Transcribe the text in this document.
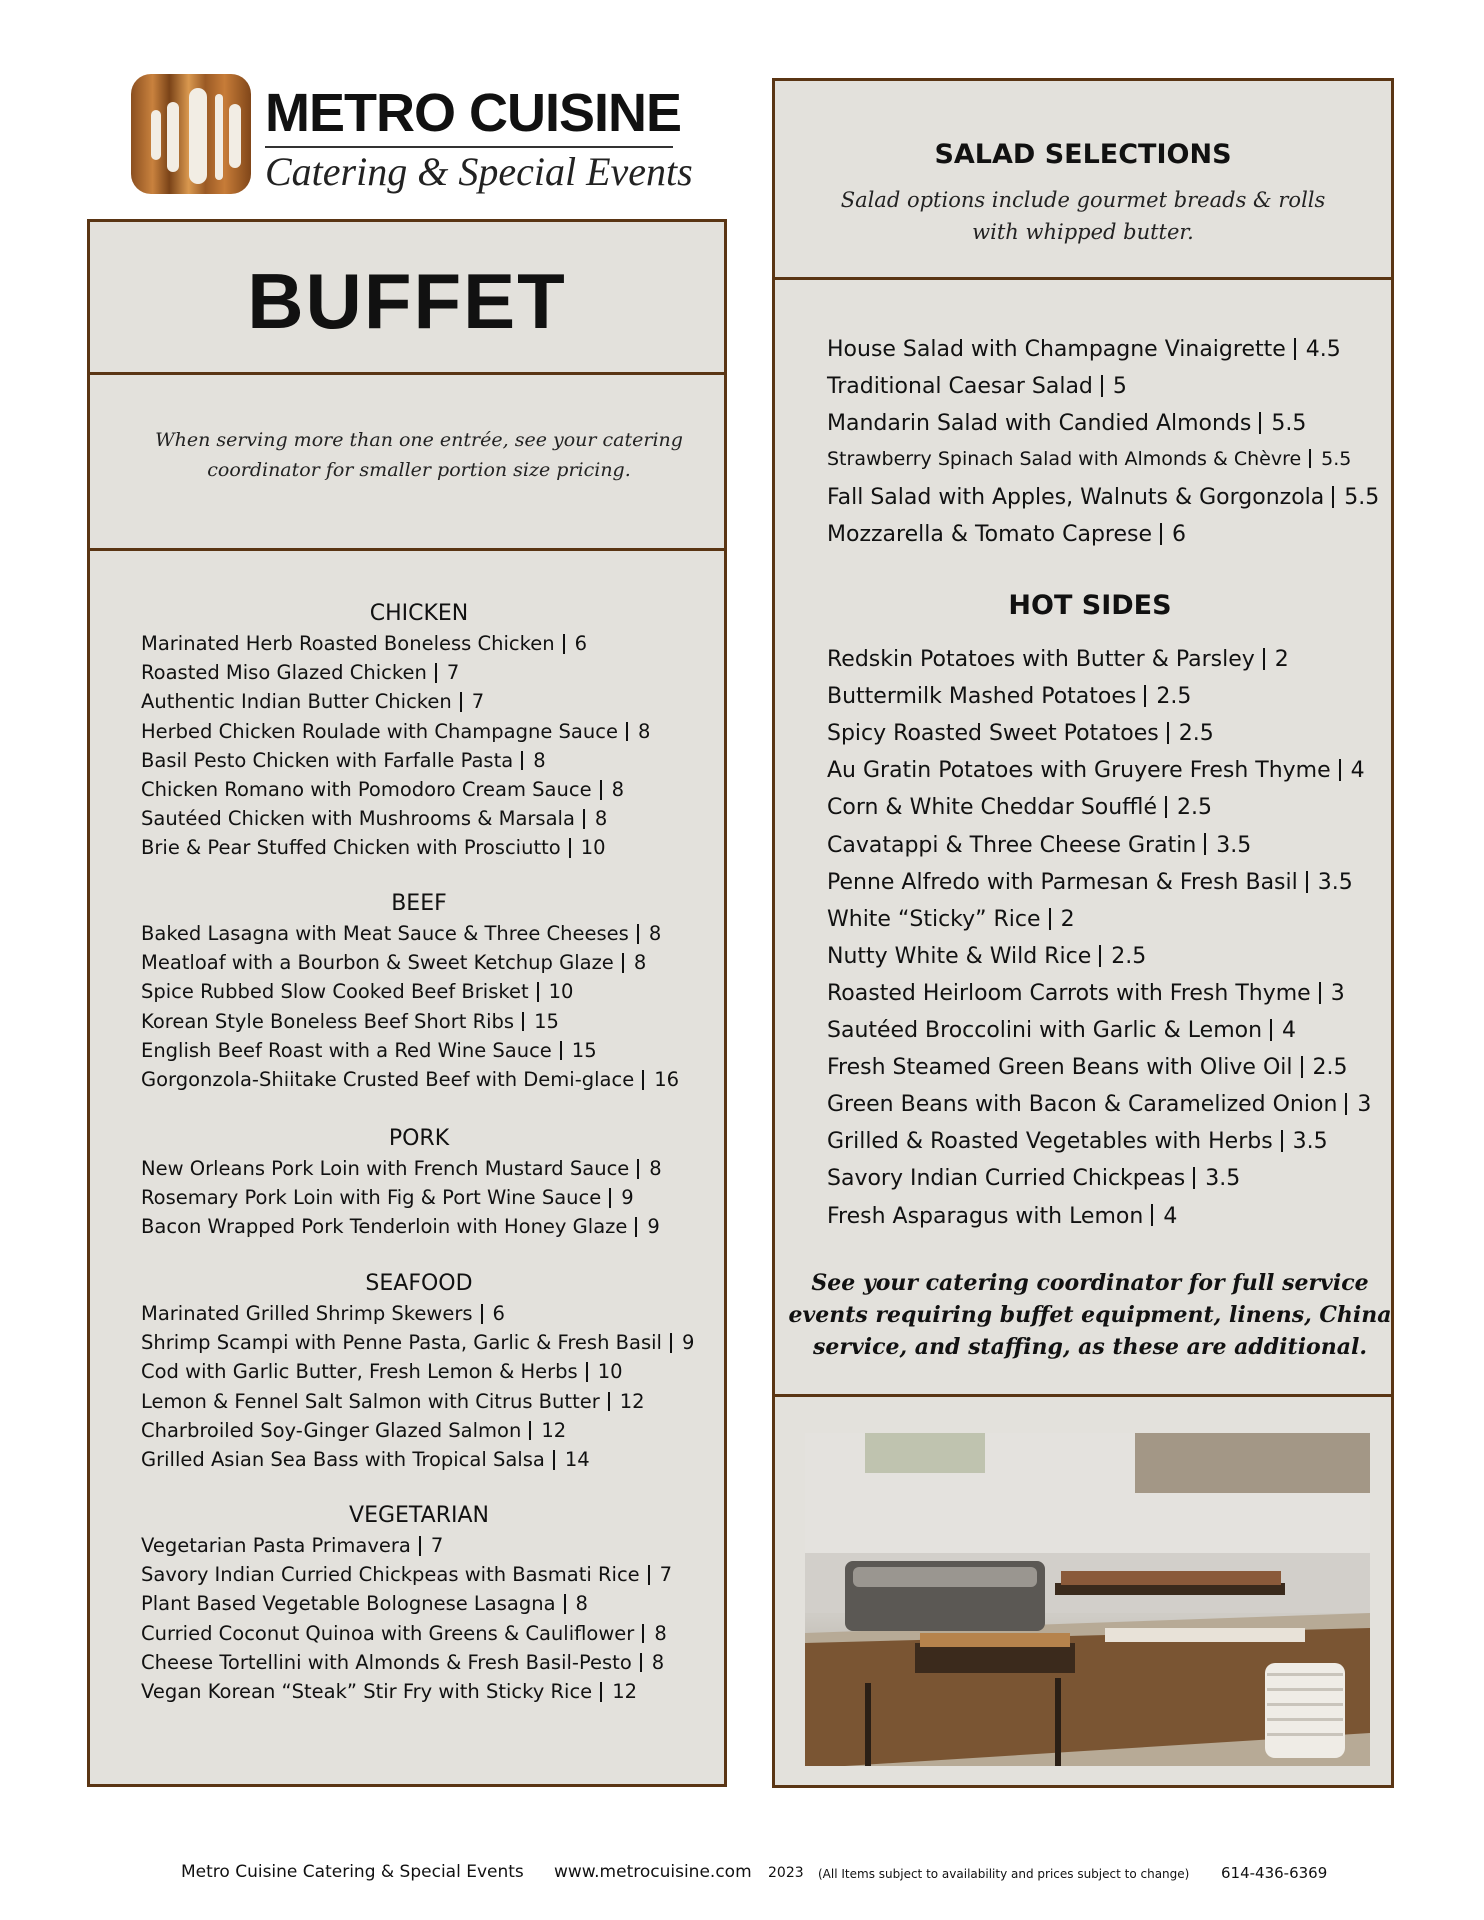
METRO CUISINE
Catering & Special Events
BUFFET
When serving more than one entrée, see your catering
coordinator for smaller portion size pricing.
CHICKEN
Marinated Herb Roasted Boneless Chicken 6
Roasted Miso Glazed Chicken 7
Authentic Indian Butter Chicken 7
Herbed Chicken Roulade with Champagne Sauce 8
Basil Pesto Chicken with Farfalle Pasta 8
Chicken Romano with Pomodoro Cream Sauce 8
Sautéed Chicken with Mushrooms & Marsala 8
Brie & Pear Stuffed Chicken with Prosciutto 10
BEEF
Baked Lasagna with Meat Sauce & Three Cheeses 8
Meatloaf with a Bourbon & Sweet Ketchup Glaze 8
Spice Rubbed Slow Cooked Beef Brisket 10
Korean Style Boneless Beef Short Ribs 15
English Beef Roast with a Red Wine Sauce 15
Gorgonzola-Shiitake Crusted Beef with Demi-glace 16
PORK
New Orleans Pork Loin with French Mustard Sauce 8
Rosemary Pork Loin with Fig & Port Wine Sauce 9
Bacon Wrapped Pork Tenderloin with Honey Glaze 9
SEAFOOD
Marinated Grilled Shrimp Skewers 6
Shrimp Scampi with Penne Pasta, Garlic & Fresh Basil 9
Cod with Garlic Butter, Fresh Lemon & Herbs 10
Lemon & Fennel Salt Salmon with Citrus Butter 12
Charbroiled Soy-Ginger Glazed Salmon 12
Grilled Asian Sea Bass with Tropical Salsa 14
VEGETARIAN
Vegetarian Pasta Primavera 7
Savory Indian Curried Chickpeas with Basmati Rice 7
Plant Based Vegetable Bolognese Lasagna 8
Curried Coconut Quinoa with Greens & Cauliflower 8
Cheese Tortellini with Almonds & Fresh Basil-Pesto 8
Vegan Korean “Steak” Stir Fry with Sticky Rice 12
SALAD SELECTIONS
Salad options include gourmet breads & rolls
with whipped butter.
House Salad with Champagne Vinaigrette 4.5
Traditional Caesar Salad 5
Mandarin Salad with Candied Almonds 5.5
Strawberry Spinach Salad with Almonds & Chèvre 5.5
Fall Salad with Apples, Walnuts & Gorgonzola 5.5
Mozzarella & Tomato Caprese 6
HOT SIDES
Redskin Potatoes with Butter & Parsley 2
Buttermilk Mashed Potatoes 2.5
Spicy Roasted Sweet Potatoes 2.5
Au Gratin Potatoes with Gruyere Fresh Thyme 4
Corn & White Cheddar Soufflé 2.5
Cavatappi & Three Cheese Gratin 3.5
Penne Alfredo with Parmesan & Fresh Basil 3.5
White “Sticky” Rice 2
Nutty White & Wild Rice 2.5
Roasted Heirloom Carrots with Fresh Thyme 3
Sautéed Broccolini with Garlic & Lemon 4
Fresh Steamed Green Beans with Olive Oil 2.5
Green Beans with Bacon & Caramelized Onion 3
Grilled & Roasted Vegetables with Herbs 3.5
Savory Indian Curried Chickpeas 3.5
Fresh Asparagus with Lemon 4
See your catering coordinator for full service
events requiring buffet equipment, linens, China
service, and staffing, as these are additional.
Metro Cuisine Catering & Special Events www.metrocuisine.com 2023 (All Items subject to availability and prices subject to change) 614-436-6369
